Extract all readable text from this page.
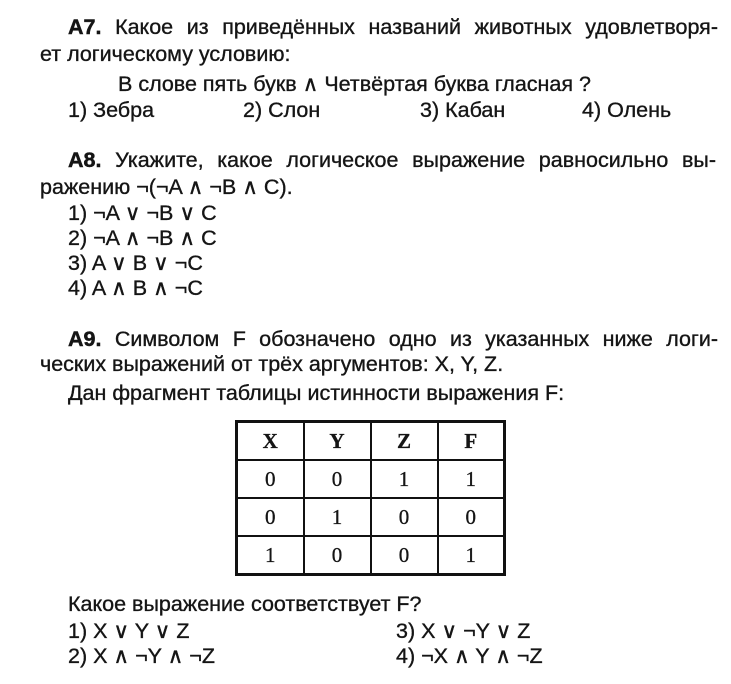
A7. Какое из приведённых названий животных удовлетворя-
ет логическому условию:
В слове пять букв ∧ Четвёртая буква гласная ?
1) Зебра	2) Слон	3) Кабан	4) Олень
A8. Укажите, какое логическое выражение равносильно вы-
ражению ¬(¬A ∧ ¬B ∧ C).
1) ¬A ∨ ¬B ∨ C
2) ¬A ∧ ¬B ∧ C
3) A ∨ B ∨ ¬C
4) A ∧ B ∧ ¬C
A9. Символом F обозначено одно из указанных ниже логи-
ческих выражений от трёх аргументов: X, Y, Z.
Дан фрагмент таблицы истинности выражения F:
X	Y	Z	F
0	0	1	1
0	1	0	0
1	0	0	1
Какое выражение соответствует F?
1) X ∨ Y ∨ Z
2) X ∧ ¬Y ∧ ¬Z
3) X ∨ ¬Y ∨ Z
4) ¬X ∧ Y ∧ ¬Z
